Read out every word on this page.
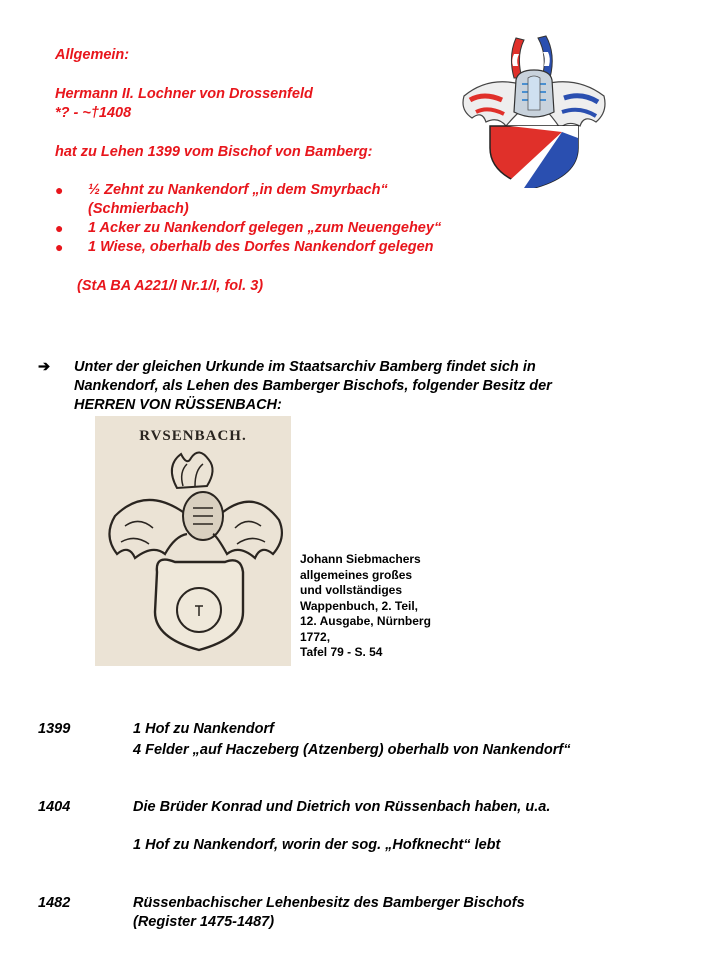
Allgemein:
Hermann II. Lochner von Drossenfeld
*? - ~†1408
hat zu Lehen 1399 vom Bischof von Bamberg:
● ½ Zehnt zu Nankendorf „in dem Smyrbach“
(Schmierbach)
● 1 Acker zu Nankendorf gelegen „zum Neuengehey“
● 1 Wiese, oberhalb des Dorfes Nankendorf gelegen
(StA BA A221/I Nr.1/I, fol. 3)
➔ Unter der gleichen Urkunde im Staatsarchiv Bamberg findet sich in
Nankendorf, als Lehen des Bamberger Bischofs, folgender Besitz der
HERREN VON RÜSSENBACH:
RVSENBACH.
Johann Siebmachers
allgemeines großes
und vollständiges
Wappenbuch, 2. Teil,
12. Ausgabe, Nürnberg
1772,
Tafel 79 - S. 54
1399	1 Hof zu Nankendorf
4 Felder „auf Haczeberg (Atzenberg) oberhalb von Nankendorf“
1404	Die Brüder Konrad und Dietrich von Rüssenbach haben, u.a.
1 Hof zu Nankendorf, worin der sog. „Hofknecht“ lebt
1482	Rüssenbachischer Lehenbesitz des Bamberger Bischofs
(Register 1475-1487)
